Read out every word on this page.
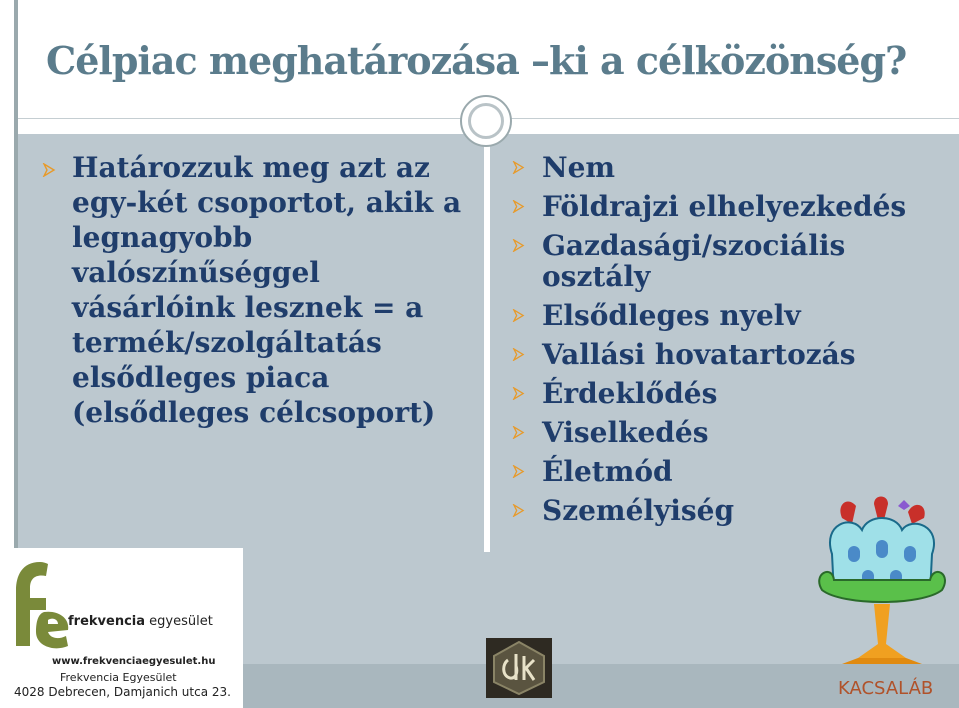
Célpiac meghatározása –ki a célközönség?
Határozzuk meg azt az
egy-két csoportot, akik a legnagyobb valószínűséggel vásárlóink lesznek = a termék/szolgáltatás elsődleges piaca (elsődleges célcsoport)
Nem
Földrajzi elhelyezkedés
Gazdasági/szociális osztály
Elsődleges nyelv
Vallási hovatartozás
Érdeklődés
Viselkedés
Életmód
Személyiség
frekvencia egyesület
www.frekvenciaegyesulet.hu
Frekvencia Egyesület
4028 Debrecen, Damjanich utca 23.	KACSALÁB
